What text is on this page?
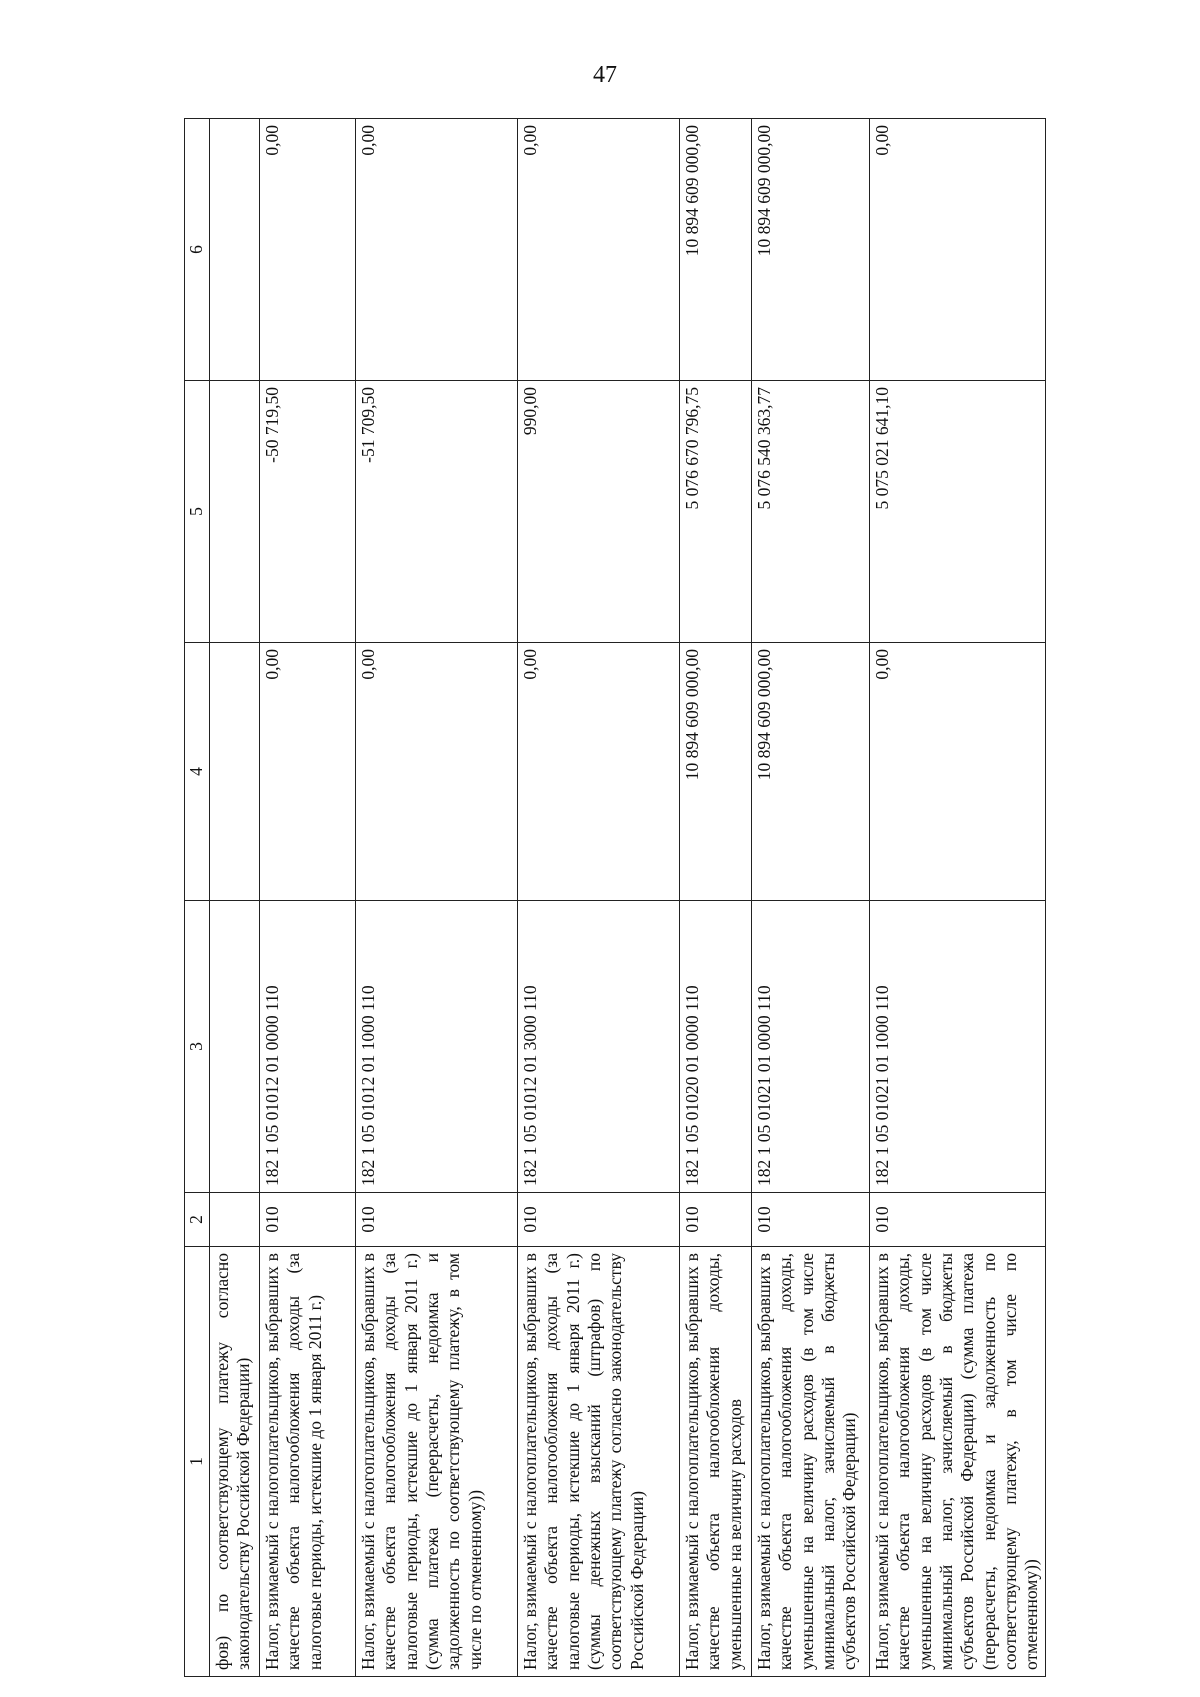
47
1	2	3	4	5	6
фов) по соответствующему платежу согласно законодательству Российской Федерации)					
Налог, взимаемый с налогоплательщиков, выбравших в качестве объекта налогообложения доходы (за налоговые периоды, истекшие до 1 января 2011 г.)	010	182 1 05 01012 01 0000 110	0,00	-50 719,50	0,00
Налог, взимаемый с налогоплательщиков, выбравших в качестве объекта налогообложения доходы (за налоговые периоды, истекшие до 1 января 2011 г.) (сумма платежа (перерасчеты, недоимка и задолженность по соответствующему платежу, в том числе по отмененному))	010	182 1 05 01012 01 1000 110	0,00	-51 709,50	0,00
Налог, взимаемый с налогоплательщиков, выбравших в качестве объекта налогообложения доходы (за налоговые периоды, истекшие до 1 января 2011 г.) (суммы денежных взысканий (штрафов) по соответствующему платежу согласно законодательству Российской Федерации)	010	182 1 05 01012 01 3000 110	0,00	990,00	0,00
Налог, взимаемый с налогоплательщиков, выбравших в качестве объекта налогообложения доходы, уменьшенные на величину расходов	010	182 1 05 01020 01 0000 110	10 894 609 000,00	5 076 670 796,75	10 894 609 000,00
Налог, взимаемый с налогоплательщиков, выбравших в качестве объекта налогообложения доходы, уменьшенные на величину расходов (в том числе минимальный налог, зачисляемый в бюджеты субъектов Российской Федерации)	010	182 1 05 01021 01 0000 110	10 894 609 000,00	5 076 540 363,77	10 894 609 000,00
Налог, взимаемый с налогоплательщиков, выбравших в качестве объекта налогообложения доходы, уменьшенные на величину расходов (в том числе минимальный налог, зачисляемый в бюджеты субъектов Российской Федерации) (сумма платежа (перерасчеты, недоимка и задолженность по соответствующему платежу, в том числе по отмененному))	010	182 1 05 01021 01 1000 110	0,00	5 075 021 641,10	0,00
